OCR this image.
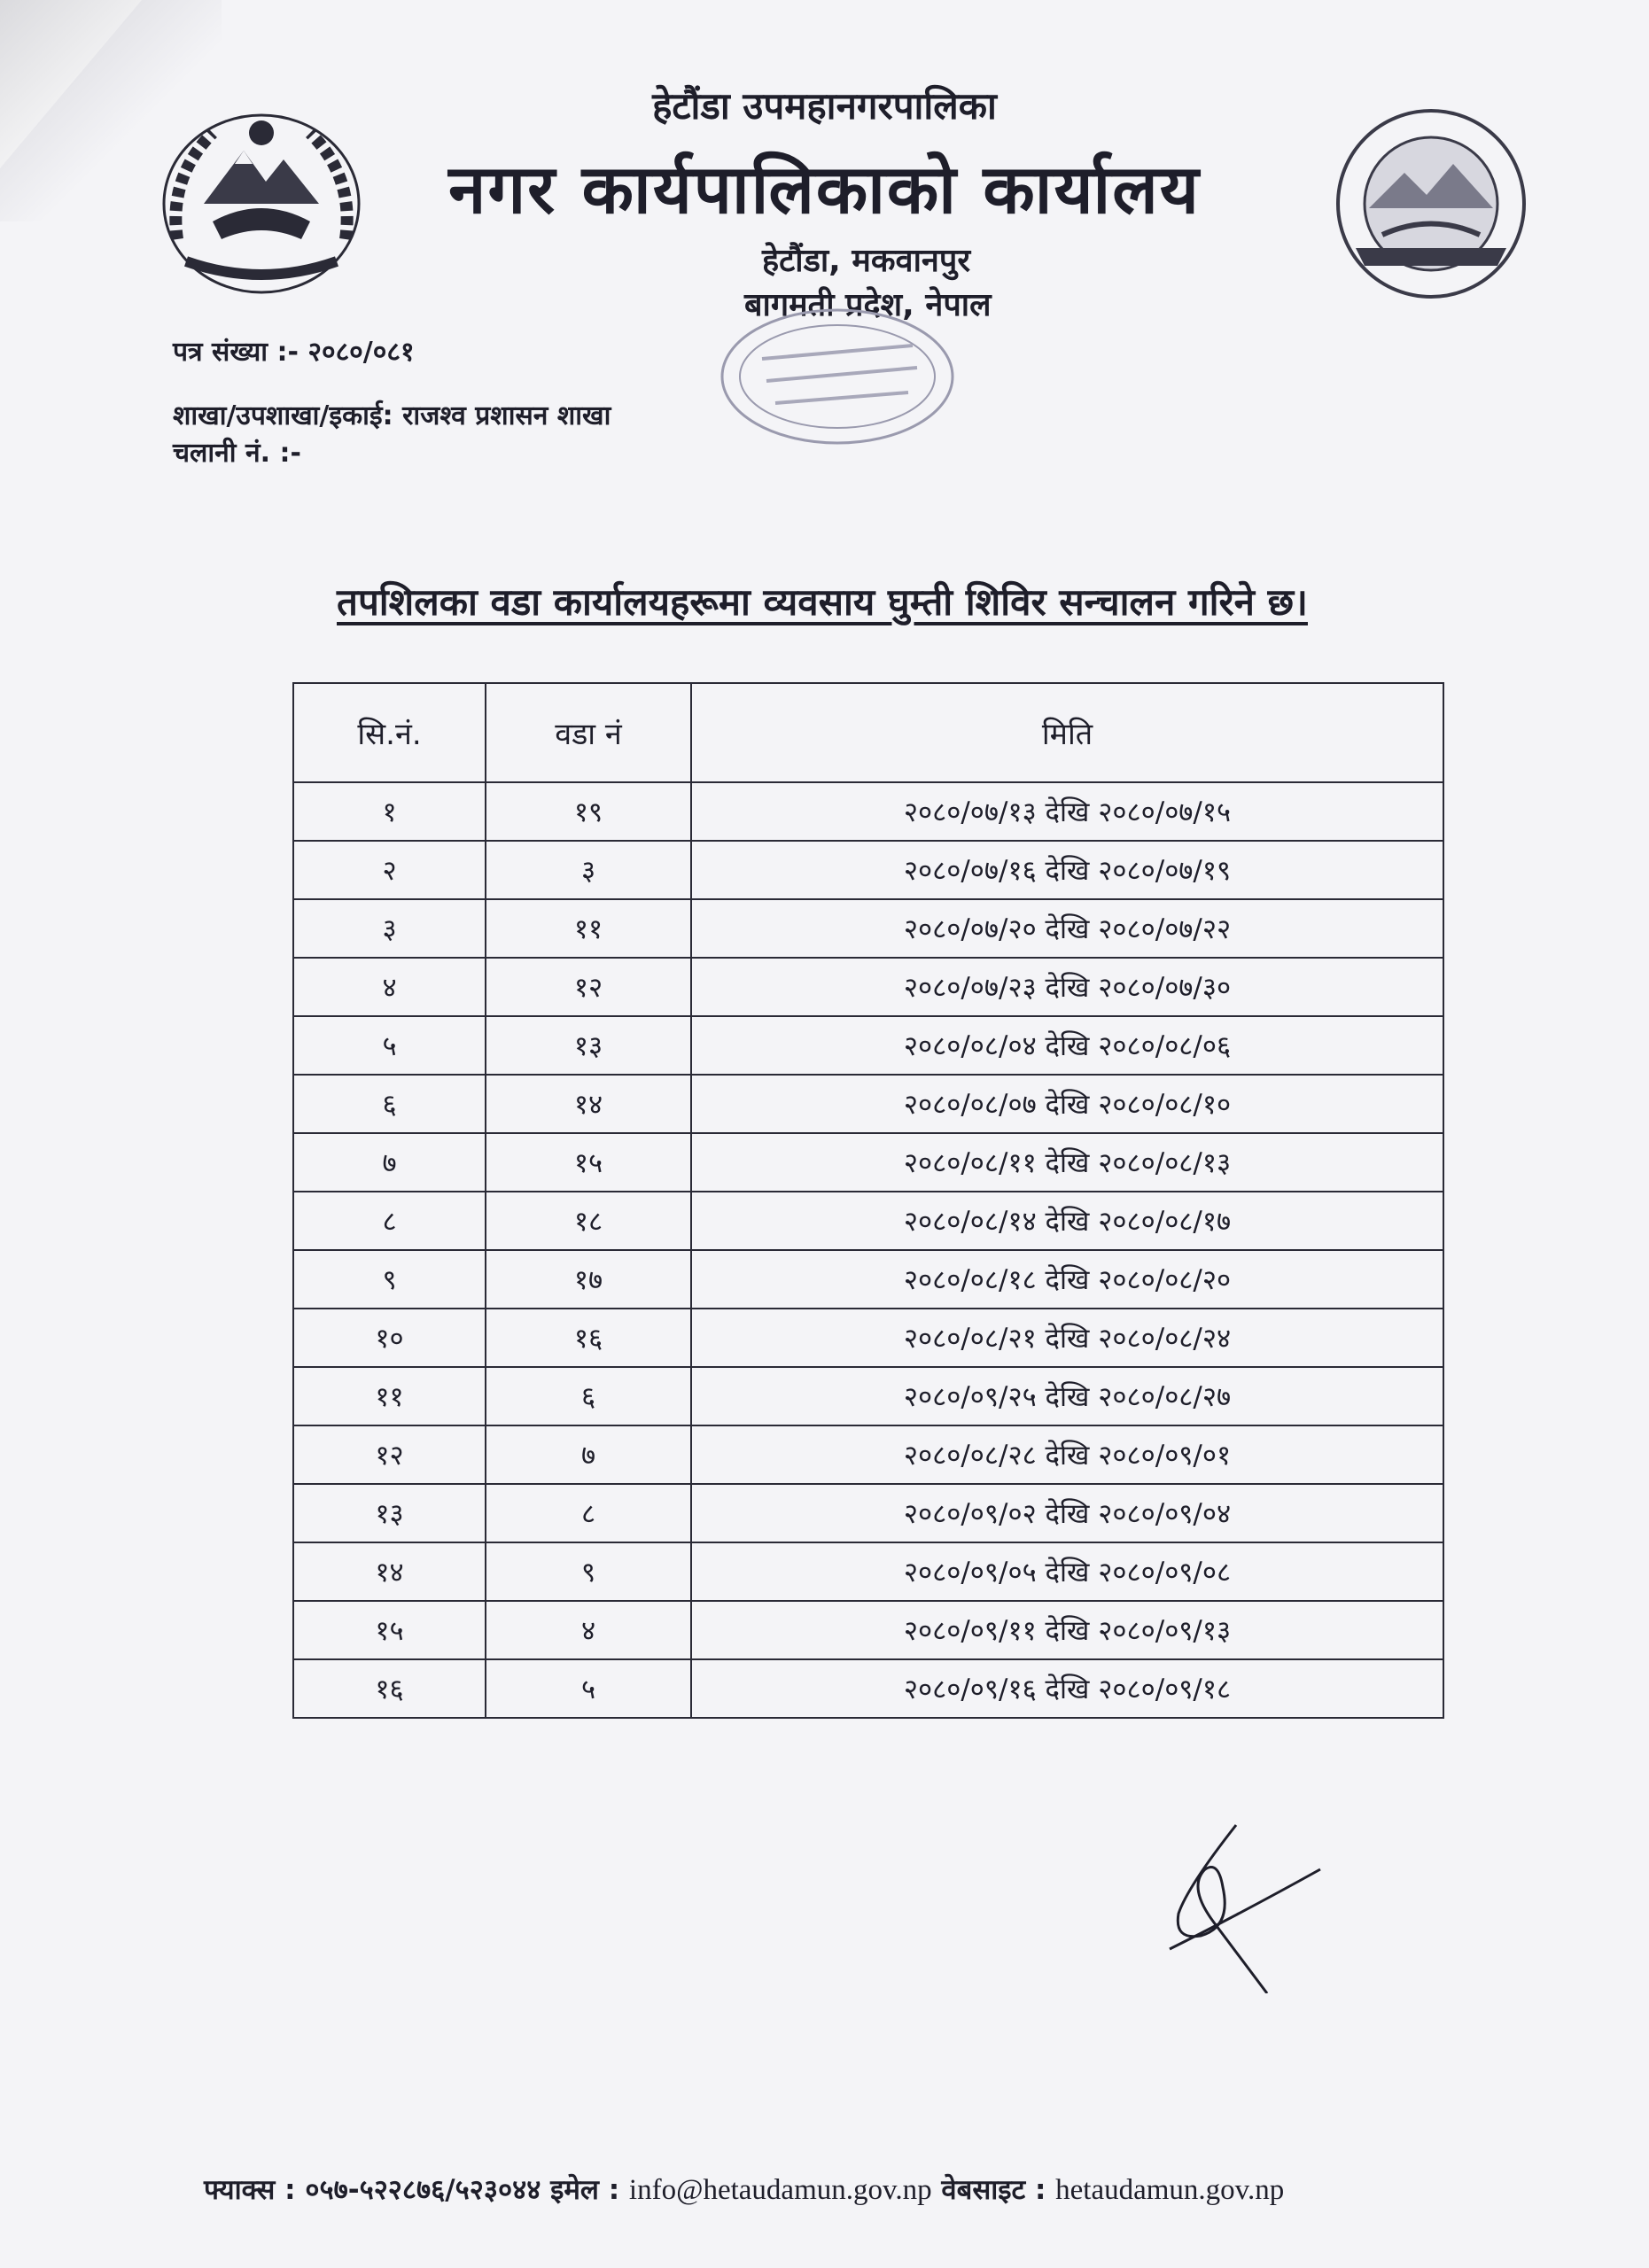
हेटौंडा उपमहानगरपालिका
नगर कार्यपालिकाको कार्यालय
हेटौंडा, मकवानपुर
बागमती प्रदेश, नेपाल
पत्र संख्या :- २०८०/०८१
शाखा/उपशाखा/इकाई: राजश्व प्रशासन शाखा
चलानी नं. :-
तपशिलका वडा कार्यालयहरूमा व्यवसाय घुम्ती शिविर सन्चालन गरिने छ।
सि.नं.	वडा नं	मिति
१	१९	२०८०/०७/१३ देखि २०८०/०७/१५
२	३	२०८०/०७/१६ देखि २०८०/०७/१९
३	११	२०८०/०७/२० देखि २०८०/०७/२२
४	१२	२०८०/०७/२३ देखि २०८०/०७/३०
५	१३	२०८०/०८/०४ देखि २०८०/०८/०६
६	१४	२०८०/०८/०७ देखि २०८०/०८/१०
७	१५	२०८०/०८/११ देखि २०८०/०८/१३
८	१८	२०८०/०८/१४ देखि २०८०/०८/१७
९	१७	२०८०/०८/१८ देखि २०८०/०८/२०
१०	१६	२०८०/०८/२१ देखि २०८०/०८/२४
११	६	२०८०/०९/२५ देखि २०८०/०८/२७
१२	७	२०८०/०८/२८ देखि २०८०/०९/०१
१३	८	२०८०/०९/०२ देखि २०८०/०९/०४
१४	९	२०८०/०९/०५ देखि २०८०/०९/०८
१५	४	२०८०/०९/११ देखि २०८०/०९/१३
१६	५	२०८०/०९/१६ देखि २०८०/०९/१८
फ्याक्स : ०५७-५२२८७६/५२३०४४ इमेल : info@hetaudamun.gov.np वेबसाइट : hetaudamun.gov.np
